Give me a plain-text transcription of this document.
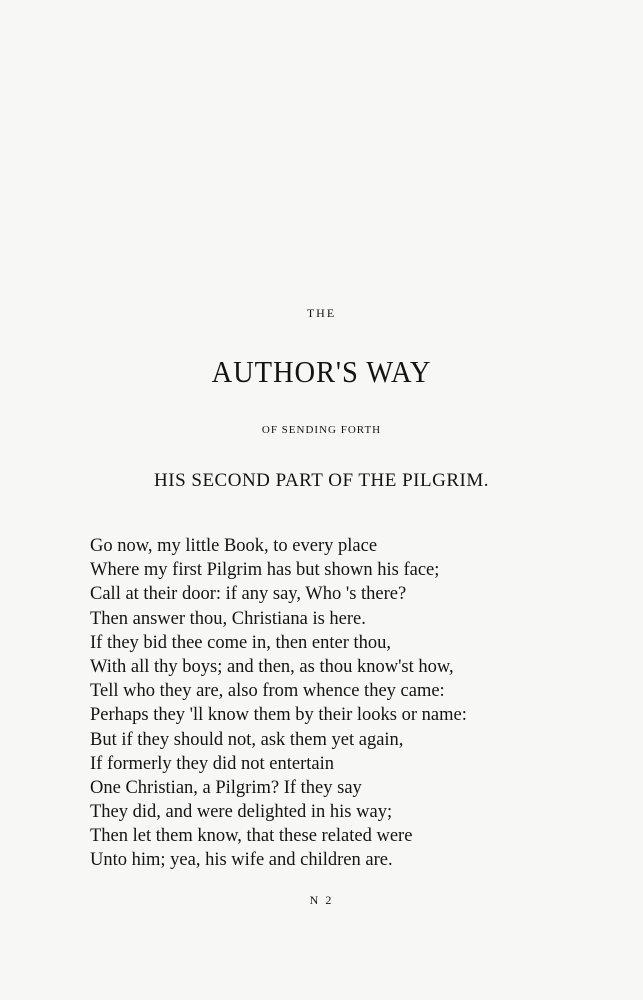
THE
AUTHOR'S WAY
OF SENDING FORTH
HIS SECOND PART OF THE PILGRIM.
Go now, my little Book, to every place
Where my first Pilgrim has but shown his face;
Call at their door: if any say, Who 's there?
Then answer thou, Christiana is here.
If they bid thee come in, then enter thou,
With all thy boys; and then, as thou know'st how,
Tell who they are, also from whence they came:
Perhaps they 'll know them by their looks or name:
But if they should not, ask them yet again,
If formerly they did not entertain
One Christian, a Pilgrim? If they say
They did, and were delighted in his way;
Then let them know, that these related were
Unto him; yea, his wife and children are.
N 2
